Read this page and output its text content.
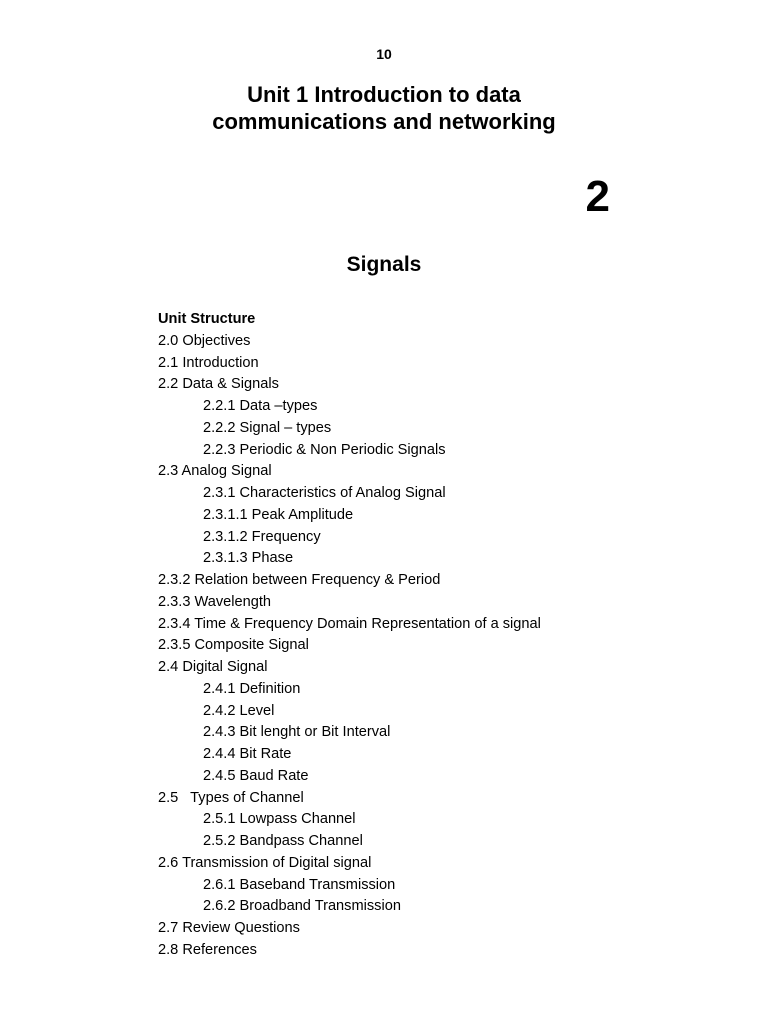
10
Unit 1 Introduction to data
communications and networking
2
Signals
Unit Structure
2.0 Objectives
2.1 Introduction
2.2 Data & Signals
2.2.1 Data –types
2.2.2 Signal – types
2.2.3 Periodic & Non Periodic Signals
2.3 Analog Signal
2.3.1 Characteristics of Analog Signal
2.3.1.1 Peak Amplitude
2.3.1.2 Frequency
2.3.1.3 Phase
2.3.2 Relation between Frequency & Period
2.3.3 Wavelength
2.3.4 Time & Frequency Domain Representation of a signal
2.3.5 Composite Signal
2.4 Digital Signal
2.4.1 Definition
2.4.2 Level
2.4.3 Bit lenght or Bit Interval
2.4.4 Bit Rate
2.4.5 Baud Rate
2.5   Types of Channel
2.5.1 Lowpass Channel
2.5.2 Bandpass Channel
2.6 Transmission of Digital signal
2.6.1 Baseband Transmission
2.6.2 Broadband Transmission
2.7 Review Questions
2.8 References
